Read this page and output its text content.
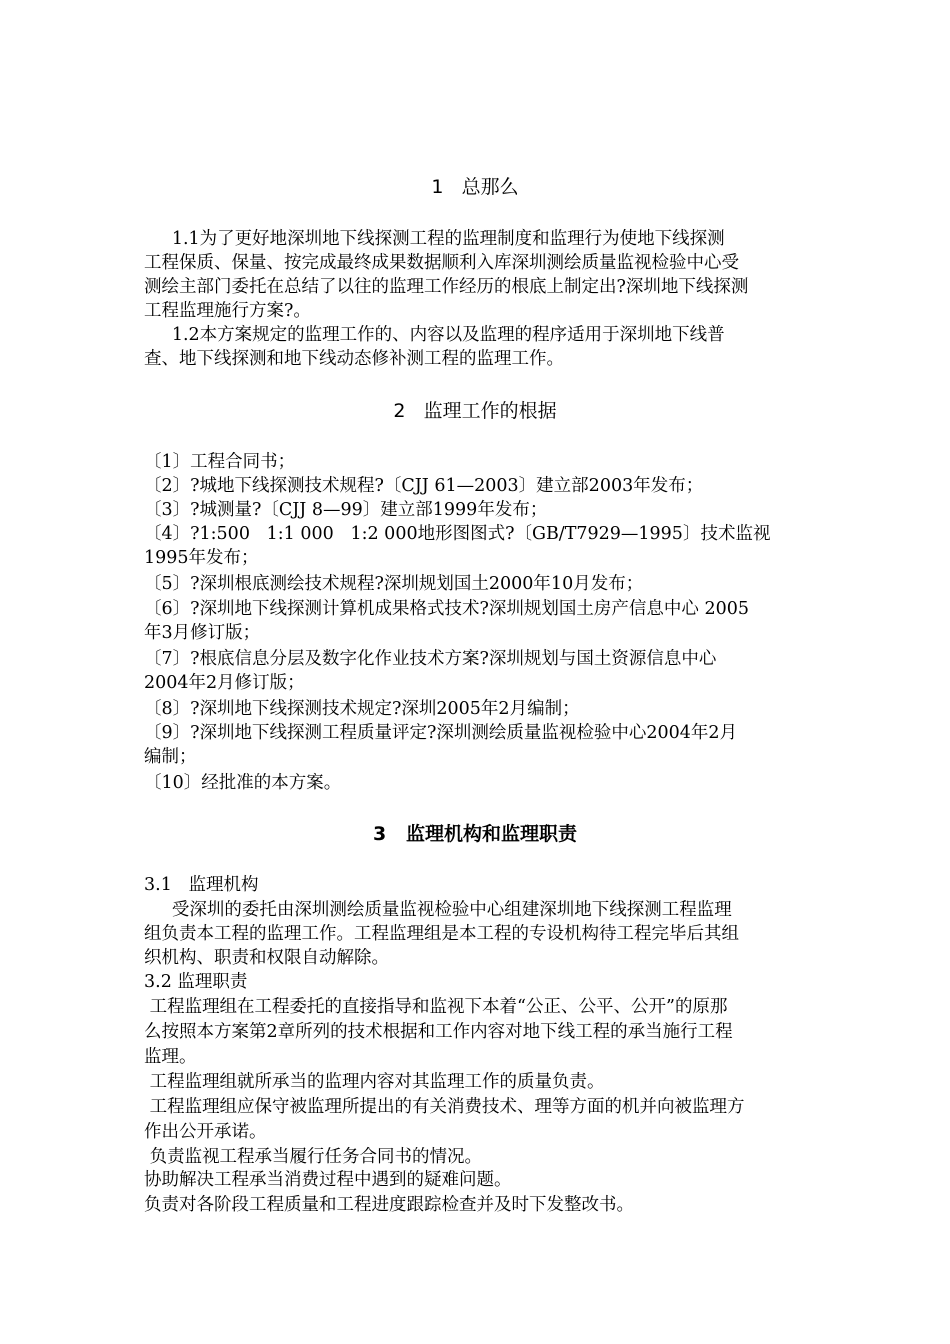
1   总那么
1.1为了更好地深圳地下线探测工程的监理制度和监理行为使地下线探测
工程保质、保量、按完成最终成果数据顺利入库深圳测绘质量监视检验中心受
测绘主部门委托在总结了以往的监理工作经历的根底上制定出?深圳地下线探测
工程监理施行方案?。
1.2本方案规定的监理工作的、内容以及监理的程序适用于深圳地下线普
查、地下线探测和地下线动态修补测工程的监理工作。
2   监理工作的根据
〔1〕工程合同书；
〔2〕?城地下线探测技术规程?〔CJJ 61—2003〕建立部2003年发布；
〔3〕?城测量?〔CJJ 8—99〕建立部1999年发布；
〔4〕?1:500   1:1 000   1:2 000地形图图式?〔GB/T7929—1995〕技术监视
1995年发布；
〔5〕?深圳根底测绘技术规程?深圳规划国土2000年10月发布；
〔6〕?深圳地下线探测计算机成果格式技术?深圳规划国土房产信息中心 2005
年3月修订版；
〔7〕?根底信息分层及数字化作业技术方案?深圳规划与国土资源信息中心
2004年2月修订版；
〔8〕?深圳地下线探测技术规定?深圳2005年2月编制；
〔9〕?深圳地下线探测工程质量评定?深圳测绘质量监视检验中心2004年2月
编制；
〔10〕经批准的本方案。
3   监理机构和监理职责
3.1   监理机构
受深圳的委托由深圳测绘质量监视检验中心组建深圳地下线探测工程监理
组负责本工程的监理工作。工程监理组是本工程的专设机构待工程完毕后其组
织机构、职责和权限自动解除。
3.2 监理职责
工程监理组在工程委托的直接指导和监视下本着“公正、公平、公开”的原那
么按照本方案第2章所列的技术根据和工作内容对地下线工程的承当施行工程
监理。
工程监理组就所承当的监理内容对其监理工作的质量负责。
工程监理组应保守被监理所提出的有关消费技术、理等方面的机并向被监理方
作出公开承诺。
负责监视工程承当履行任务合同书的情况。
协助解决工程承当消费过程中遇到的疑难问题。
负责对各阶段工程质量和工程进度跟踪检查并及时下发整改书。
